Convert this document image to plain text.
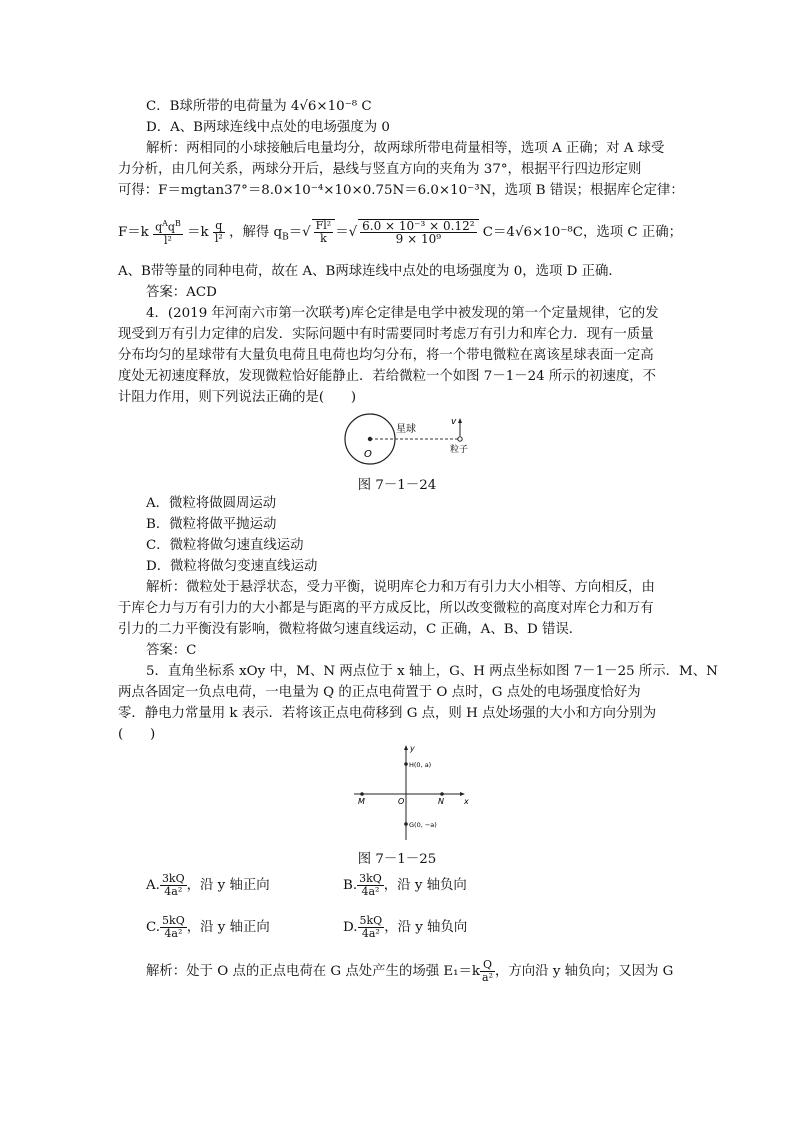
C．B球所带的电荷量为 4√6×10⁻⁸ C
D．A、B两球连线中点处的电场强度为 0
解析：两相同的小球接触后电量均分，故两球所带电荷量相等，选项 A 正确；对 A 球受
力分析，由几何关系，两球分开后，悬线与竖直方向的夹角为 37°，根据平行四边形定则
可得：F＝mgtan37°＝8.0×10⁻⁴×10×0.75N＝6.0×10⁻³N，选项 B 错误；根据库仑定律：
$F=k \frac{q^Aq^B}{\text{l²}} =k \frac{q}{\text{l²}}$ ，解得 $q_B=√ \frac{\text{Fl²}}{k}$ ＝√ $\frac{\text{6.0 × 10⁻³ × 0.12²}}{\text{9 × 10⁹}} C=4√6\times 10^{-8}C$，选项 C 正确；
A、B带等量的同种电荷，故在 A、B两球连线中点处的电场强度为 0，选项 D 正确．
答案：ACD
4．(2019 年河南六市第一次联考)库仑定律是电学中被发现的第一个定量规律，它的发
现受到万有引力定律的启发．实际问题中有时需要同时考虑万有引力和库仑力．现有一质量
分布均匀的星球带有大量负电荷且电荷也均匀分布，将一个带电微粒在离该星球表面一定高
度处无初速度释放，发现微粒恰好能静止．若给微粒一个如图 7－1－24 所示的初速度，不
计阻力作用，则下列说法正确的是(　　)
O
星球
v
粒子
图 7－1－24
A．微粒将做圆周运动
B．微粒将做平抛运动
C．微粒将做匀速直线运动
D．微粒将做匀变速直线运动
解析：微粒处于悬浮状态，受力平衡，说明库仑力和万有引力大小相等、方向相反，由
于库仑力与万有引力的大小都是与距离的平方成反比，所以改变微粒的高度对库仑力和万有
引力的二力平衡没有影响，微粒将做匀速直线运动，C 正确，A、B、D 错误．
答案：C
5．直角坐标系 xOy 中，M、N 两点位于 x 轴上，G、H 两点坐标如图 7－1－25 所示．M、N
两点各固定一负点电荷，一电量为 Q 的正点电荷置于 O 点时，G 点处的电场强度恰好为
零．静电力常量用 k 表示．若将该正点电荷移到 G 点，则 H 点处场强的大小和方向分别为
(　　)
y
x
O
M	N
H(0, a)
G(0, −a)
图 7－1－25
A. $\frac{3kQ}{\text{4a²}}$ ，沿 y 轴正向	B. $\frac{3kQ}{\text{4a²}}$ ，沿 y 轴负向
C. $\frac{5kQ}{\text{4a²}}$ ，沿 y 轴正向	D. $\frac{5kQ}{\text{4a²}}$ ，沿 y 轴负向
解析：处于 O 点的正点电荷在 G 点处产生的场强 $E_1=k \frac{Q}{\text{a²}}$ ，方向沿 y 轴负向；又因为 G
